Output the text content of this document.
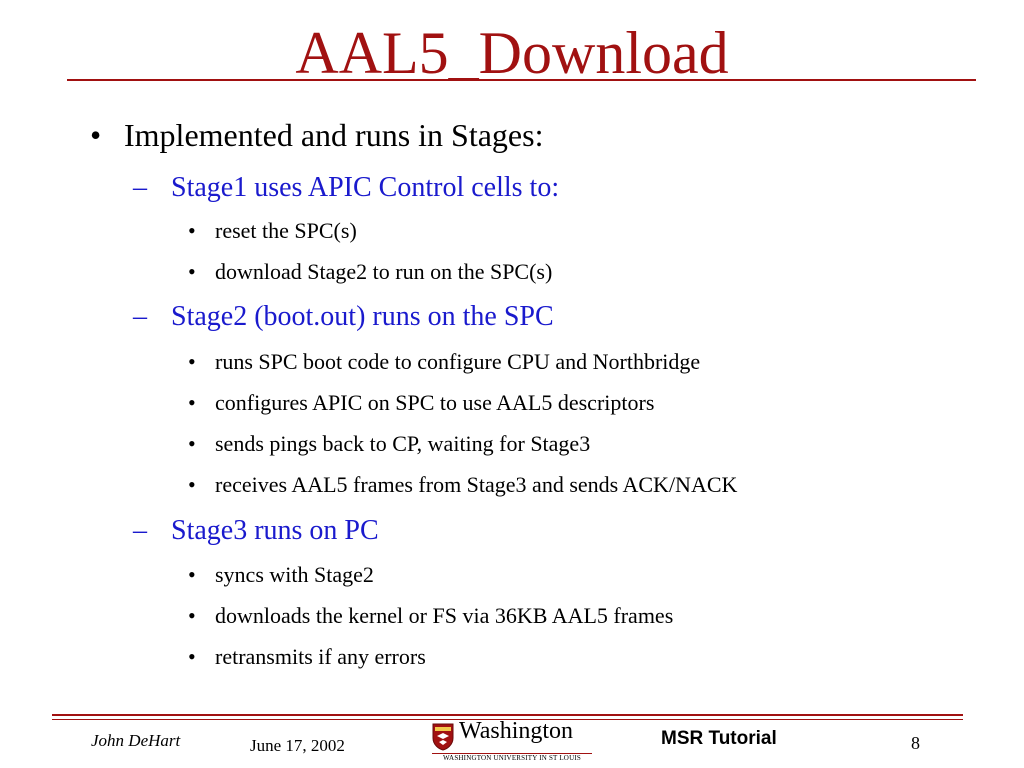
AAL5_Download
• Implemented and runs in Stages:
– Stage1 uses APIC Control cells to:
• reset the SPC(s)
• download Stage2 to run on the SPC(s)
– Stage2 (boot.out) runs on the SPC
• runs SPC boot code to configure CPU and Northbridge
• configures APIC on SPC to use AAL5 descriptors
• sends pings back to CP, waiting for Stage3
• receives AAL5 frames from Stage3 and sends ACK/NACK
– Stage3 runs on PC
• syncs with Stage2
• downloads the kernel or FS via 36KB AAL5 frames
• retransmits if any errors
John DeHart	June 17, 2002
Washington
WASHINGTON UNIVERSITY IN ST LOUIS
MSR Tutorial	8
